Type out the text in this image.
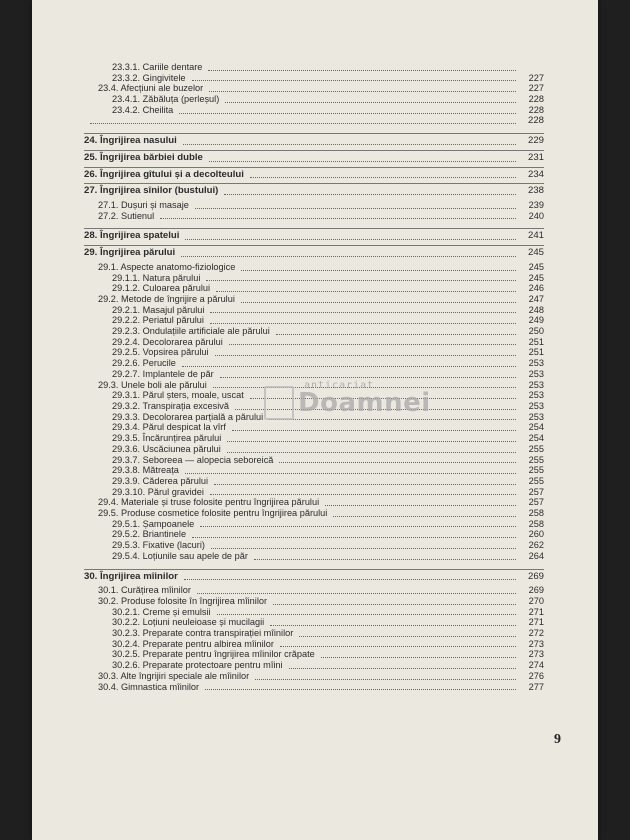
23.3.1. Cariile dentare
23.3.2. Gingivitele	227
23.4. Afecțiuni ale buzelor	227
23.4.1. Zăbăluța (perleșul)	228
23.4.2. Cheilita	228
228
24. Îngrijirea nasului	229
25. Îngrijirea bărbiei duble	231
26. Îngrijirea gîtului și a decolteului	234
27. Îngrijirea sînilor (bustului)	238
27.1. Dușuri și masaje	239
27.2. Sutienul	240
28. Îngrijirea spatelui	241
29. Îngrijirea părului	245
29.1. Aspecte anatomo-fiziologice	245
29.1.1. Natura părului	245
29.1.2. Culoarea părului	246
29.2. Metode de îngrijire a părului	247
29.2.1. Masajul părului	248
29.2.2. Periatul părului	249
29.2.3. Ondulațiile artificiale ale părului	250
29.2.4. Decolorarea părului	251
29.2.5. Vopsirea părului	251
29.2.6. Perucile	253
29.2.7. Implantele de păr	253
29.3. Unele boli ale părului	253
29.3.1. Părul șters, moale, uscat	253
29.3.2. Transpirația excesivă	253
29.3.3. Decolorarea parțială a părului	253
29.3.4. Părul despicat la vîrf	254
29.3.5. Încărunțirea părului	254
29.3.6. Uscăciunea părului	255
29.3.7. Seboreea — alopecia seboreică	255
29.3.8. Mătreața	255
29.3.9. Căderea părului	255
29.3.10. Părul gravidei	257
29.4. Materiale și truse folosite pentru îngrijirea părului	257
29.5. Produse cosmetice folosite pentru îngrijirea părului	258
29.5.1. Șampoanele	258
29.5.2. Briantinele	260
29.5.3. Fixative (lacuri)	262
29.5.4. Loțiunile sau apele de păr	264
30. Îngrijirea mîinilor	269
30.1. Curățirea mîinilor	269
30.2. Produse folosite în îngrijirea mîinilor	270
30.2.1. Creme și emulsii	271
30.2.2. Loțiuni neuleioase și mucilagii	271
30.2.3. Preparate contra transpirației mîinilor	272
30.2.4. Preparate pentru albirea mîinilor	273
30.2.5. Preparate pentru îngrijirea mîinilor crăpate	273
30.2.6. Preparate protectoare pentru mîini	274
30.3. Alte îngrijiri speciale ale mîinilor	276
30.4. Gimnastica mîinilor	277
9
anticariat
Doamnei
